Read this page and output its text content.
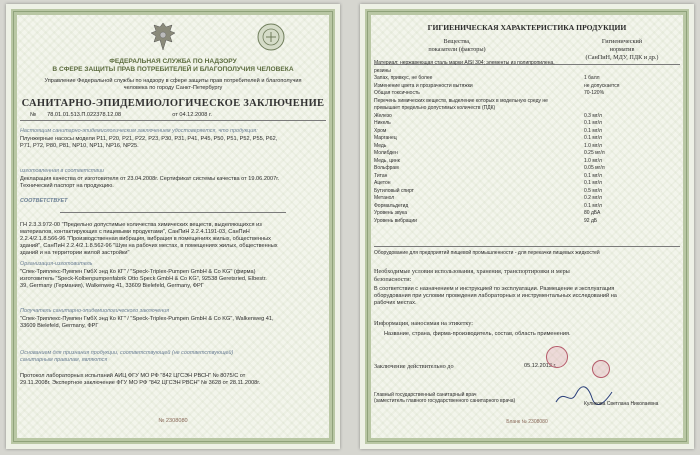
ФЕДЕРАЛЬНАЯ СЛУЖБА ПО НАДЗОРУ
В СФЕРЕ ЗАЩИТЫ ПРАВ ПОТРЕБИТЕЛЕЙ И БЛАГОПОЛУЧИЯ ЧЕЛОВЕКА
Управление Федеральной службы по надзору в сфере защиты прав потребителей и благополучия
человека по городу Санкт-Петербургу
САНИТАРНО-ЭПИДЕМИОЛОГИЧЕСКОЕ ЗАКЛЮЧЕНИЕ
№ 78.01.01.513.П.022378.12.08	от 04.12.2008 г.
Настоящим санитарно-эпидемиологическим заключением удостоверяется, что продукция:
Плунжерные насосы модели P11, P20, P21, P22, P23, P30, P31, P41, P45, P50, P51, P52, P55, P62,
P71, P72, P80, P81, NP10, NP11, NP16, NP25.
изготовленная в соответствии
Декларация качества от изготовителя от 23.04.2008г. Сертификат системы качества от 19.06.2007г.
Технический паспорт на продукцию.
СООТВЕТСТВУЕТ
ГН 2.3.3.972-00 "Предельно допустимые количества химических веществ, выделяющихся из
материалов, контактирующих с пищевыми продуктами", СанПиН 2.2.4.1191-03, СанПиН
2.2.4/2.1.8.566-96 "Производственная вибрация, вибрация в помещениях жилых, общественных
зданий", СанПиН 2.2.4/2.1.8.562-96 "Шум на рабочих местах, в помещениях жилых, общественных
зданий и на территории жилой застройки"
Организация-изготовитель
"Спек-Триплекс-Пумпен ГмбХ энд Ко КГ" / "Speck-Triplex-Pumpen GmbH & Co KG" (фирма)
изготовитель "Speck-Kolbenpumpenfabrik Otto Speck GmbH & Co KG", 92538 Geretsried, Elbestr.
39, Germany (Германия), Walkenweg 41, 33609 Bielefeld, Germany, ФРГ
Получатель санитарно-эпидемиологического заключения
"Спек-Триплекс-Пумпен ГмбХ энд Ко КГ" / "Speck-Triplex-Pumpen GmbH & Co KG", Walkenweg 41,
33609 Bielefeld, Germany, ФРГ
Основанием для признания продукции, соответствующей (не соответствующей)
санитарным правилам, являются
Протокол лабораторных испытаний АИЦ ФГУ МО РФ "842 ЦГСЭН РВСН" № 8075/С от
29.11.2008г. Экспертное заключение ФГУ МО РФ "842 ЦГСЭН РВСН" № 3628 от 28.11.2008г.
№ 2308080
ГИГИЕНИЧЕСКАЯ ХАРАКТЕРИСТИКА ПРОДУКЦИИ
Вещества,
показатели (факторы)
Гигиенический
норматив
(СанПиН, МДУ, ПДК и др.)
Материал: нержавеющая сталь марки AISI 304; элементы из полипропилена,
резины
Запах, привкус, не более	1 балл
Изменение цвета и прозрачности вытяжки	не допускается
Общая токсичность	70-120%
Перечень химических веществ, выделение которых в модельную среду не
превышает предельно допустимых количеств (ПДК)
Железо	0.3 мг/л
Никель	0.1 мг/л
Хром	0.1 мг/л
Марганец	0.1 мг/л
Медь	1.0 мг/л
Молибден	0.25 мг/л
Медь, цинк	1.0 мг/л
Вольфрам	0.05 мг/л
Титан	0.1 мг/л
Ацетон	0.1 мг/л
Бутиловый спирт	0.5 мг/л
Метанол	0.2 мг/л
Формальдегид	0.1 мг/л
Уровень звука	80 дБА
Уровень вибрации	92 дБ
Оборудование для предприятий пищевой промышленности - для перекачки пищевых жидкостей
Необходимые условия использования, хранения, транспортировки и меры
безопасности:
В соответствии с назначением и инструкцией по эксплуатации. Размещение и эксплуатация
оборудования при условии проведения лабораторных и инструментальных исследований на
рабочих местах.
Информация, наносимая на этикетку:
Название, страна, фирма-производитель, состав, область применения.
Заключение действительно до	05.12.2013 г.
Главный государственный санитарный врач
(заместитель главного государственного санитарного врача)	Куликова Светлана Николаевна
Бланк № 2308080
